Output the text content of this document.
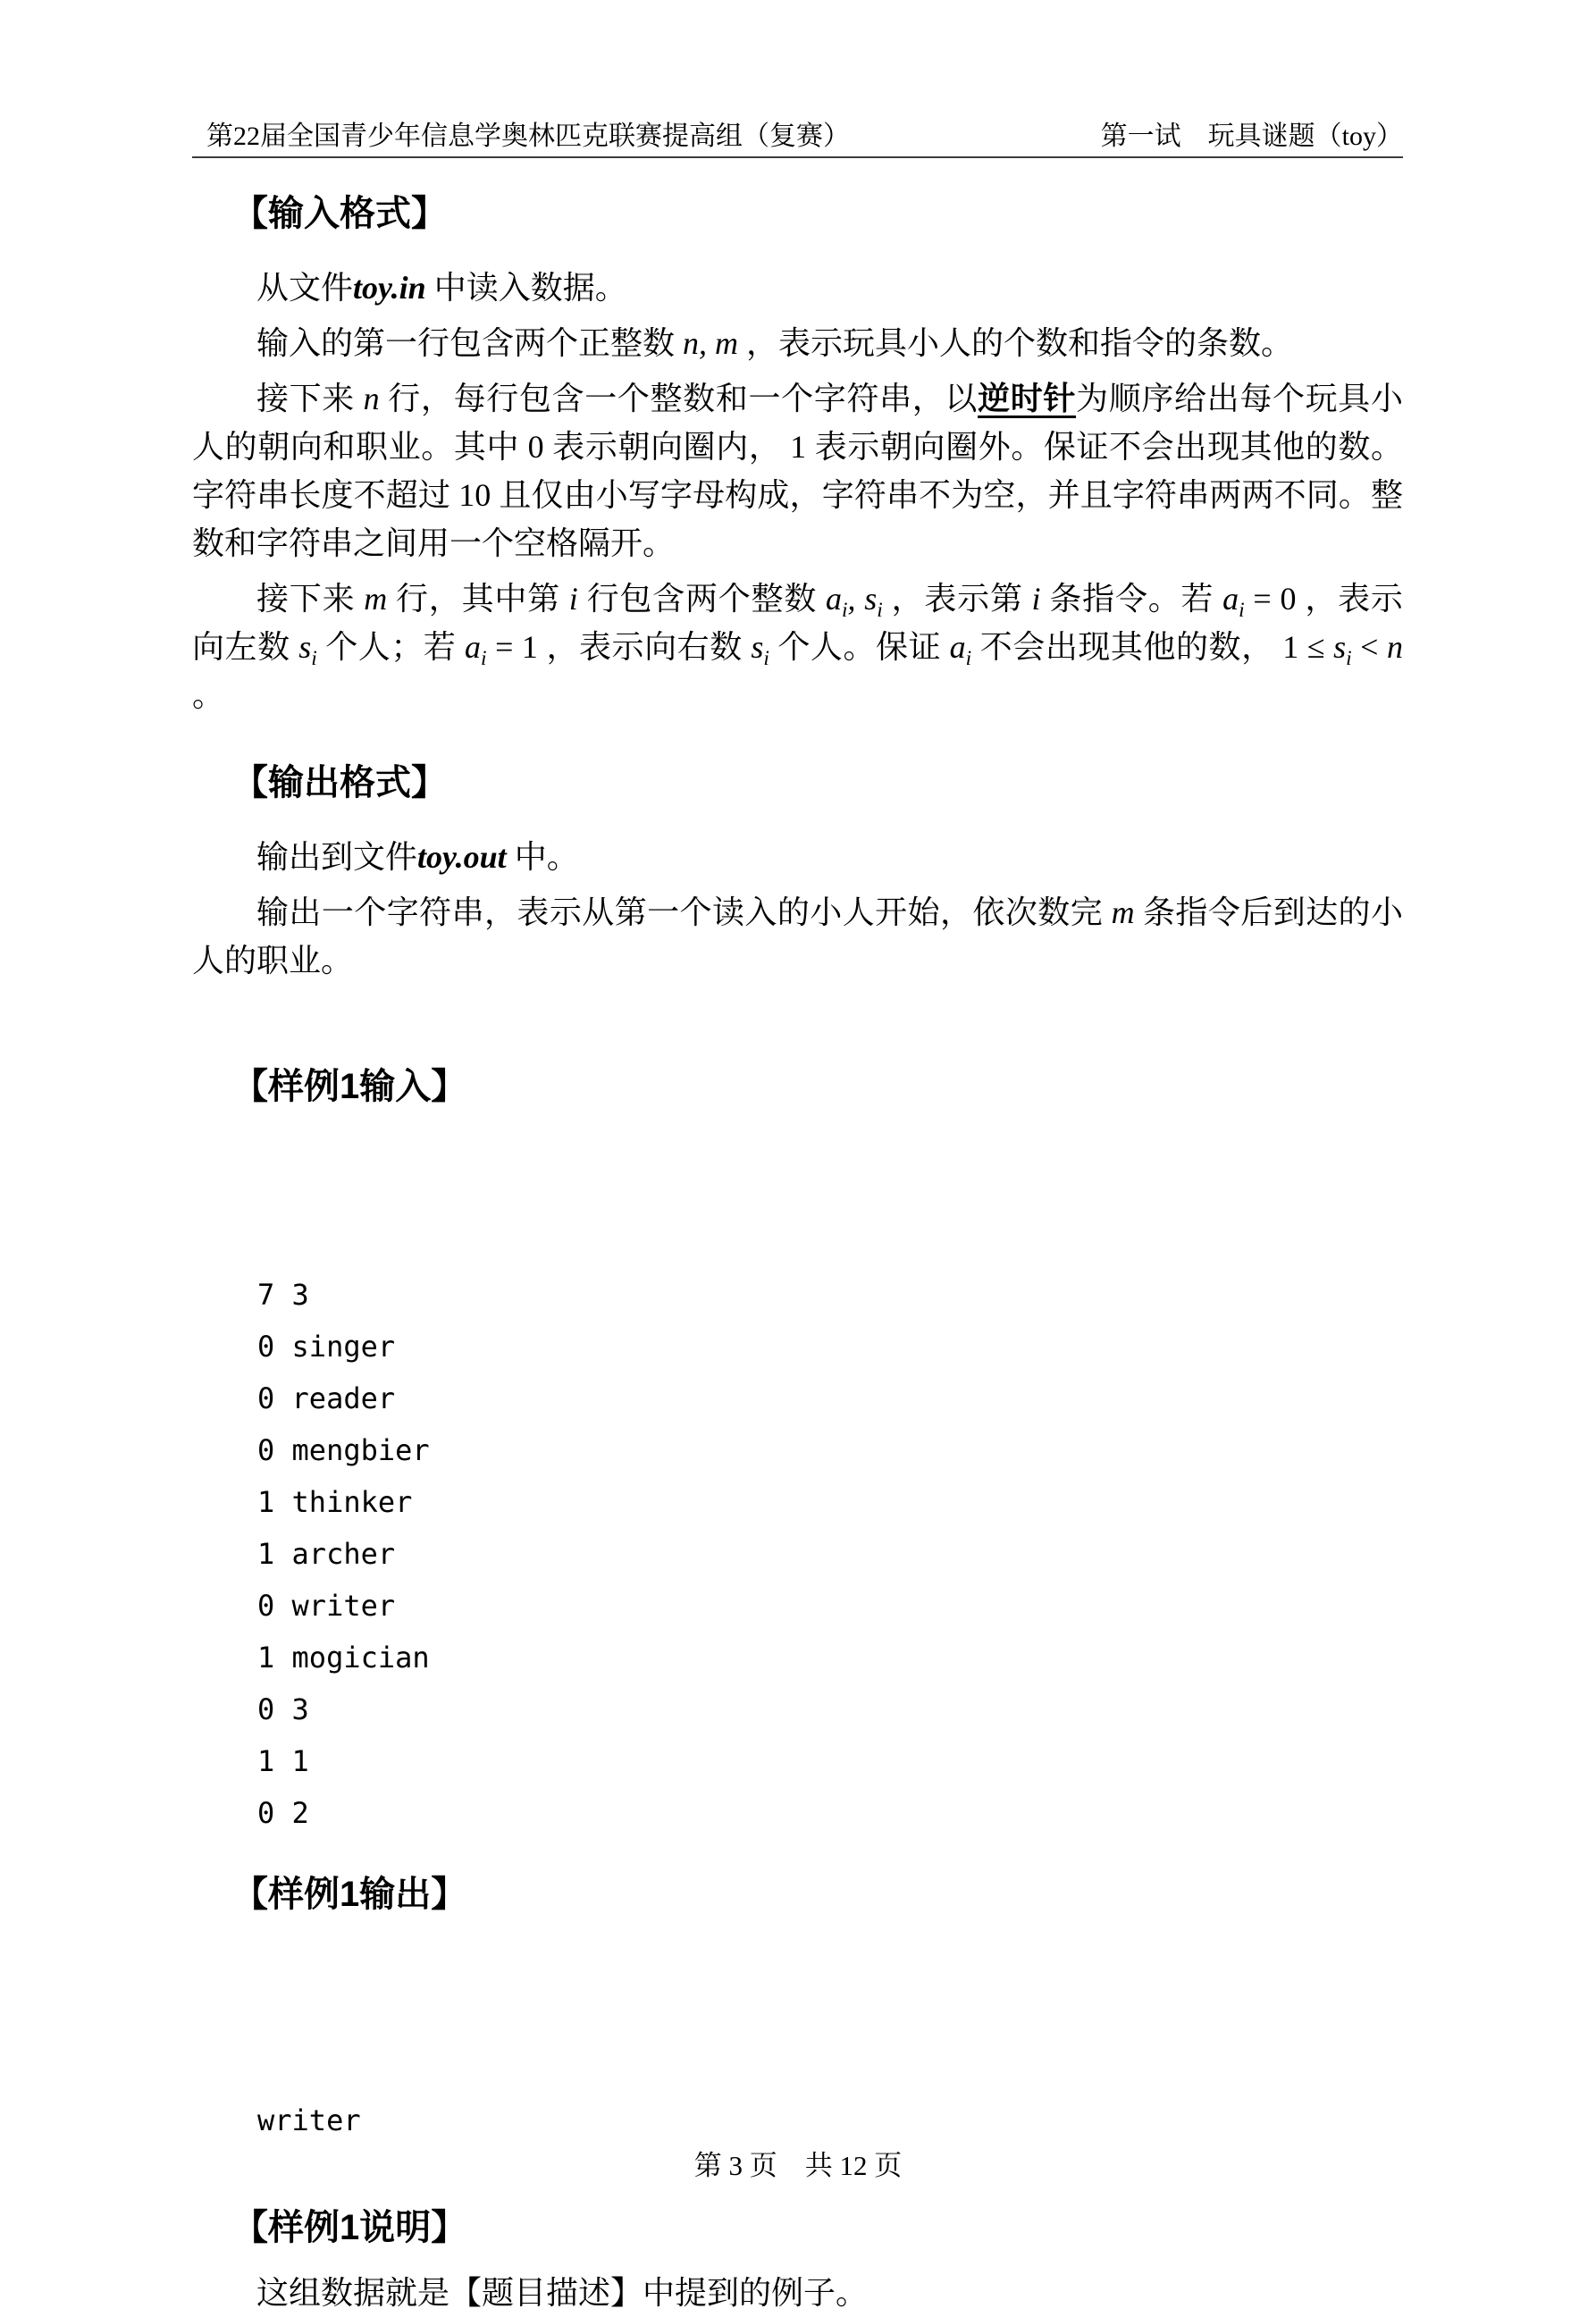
第22届全国青少年信息学奥林匹克联赛提高组（复赛）	第一试　玩具谜题（toy）
【输入格式】

从文件toy.in 中读入数据。

输入的第一行包含两个正整数 n, m ，表示玩具小人的个数和指令的条数。

接下来 n 行，每行包含一个整数和一个字符串，以逆时针为顺序给出每个玩具小人的朝向和职业。其中 0 表示朝向圈内， 1 表示朝向圈外。保证不会出现其他的数。字符串长度不超过 10 且仅由小写字母构成，字符串不为空，并且字符串两两不同。整数和字符串之间用一个空格隔开。

接下来 m 行，其中第 i 行包含两个整数 $a_i$, $s_i$ ，表示第 i 条指令。若 $a_i = 0$ ，表示向左数 $s_i$ 个人；若 $a_i = 1$ ，表示向右数 $s_i$ 个人。保证 $a_i$ 不会出现其他的数， $1 \le s_i < n$ 。

【输出格式】

输出到文件toy.out 中。

输出一个字符串，表示从第一个读入的小人开始，依次数完 m 条指令后到达的小人的职业。

【样例1输入】

7 3
0 singer
0 reader
0 mengbier
1 thinker
1 archer
0 writer
1 mogician
0 3
1 1
0 2
【样例1输出】

writer
【样例1说明】

这组数据就是【题目描述】中提到的例子。

第 3 页　共 12 页
